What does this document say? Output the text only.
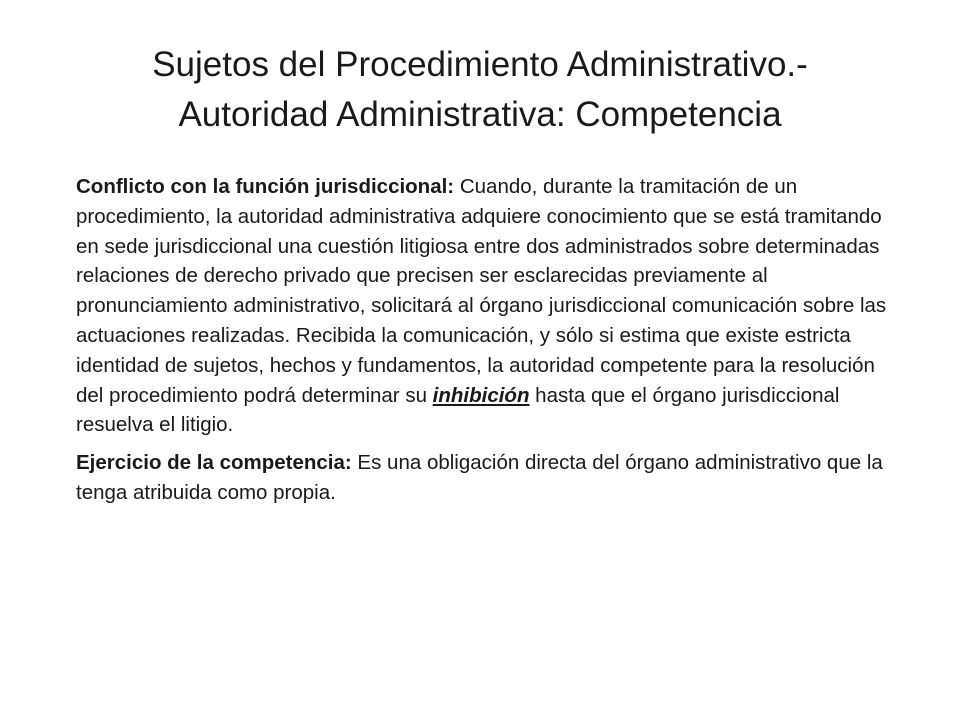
Sujetos del Procedimiento Administrativo.-
Autoridad Administrativa: Competencia

Conflicto con la función jurisdiccional: Cuando, durante la tramitación de un procedimiento, la autoridad administrativa adquiere conocimiento que se está tramitando en sede jurisdiccional una cuestión litigiosa entre dos administrados sobre determinadas relaciones de derecho privado que precisen ser esclarecidas previamente al pronunciamiento administrativo, solicitará al órgano jurisdiccional comunicación sobre las actuaciones realizadas. Recibida la comunicación, y sólo si estima que existe estricta identidad de sujetos, hechos y fundamentos, la autoridad competente para la resolución del procedimiento podrá determinar su inhibición hasta que el órgano jurisdiccional resuelva el litigio.

Ejercicio de la competencia: Es una obligación directa del órgano administrativo que la tenga atribuida como propia.
